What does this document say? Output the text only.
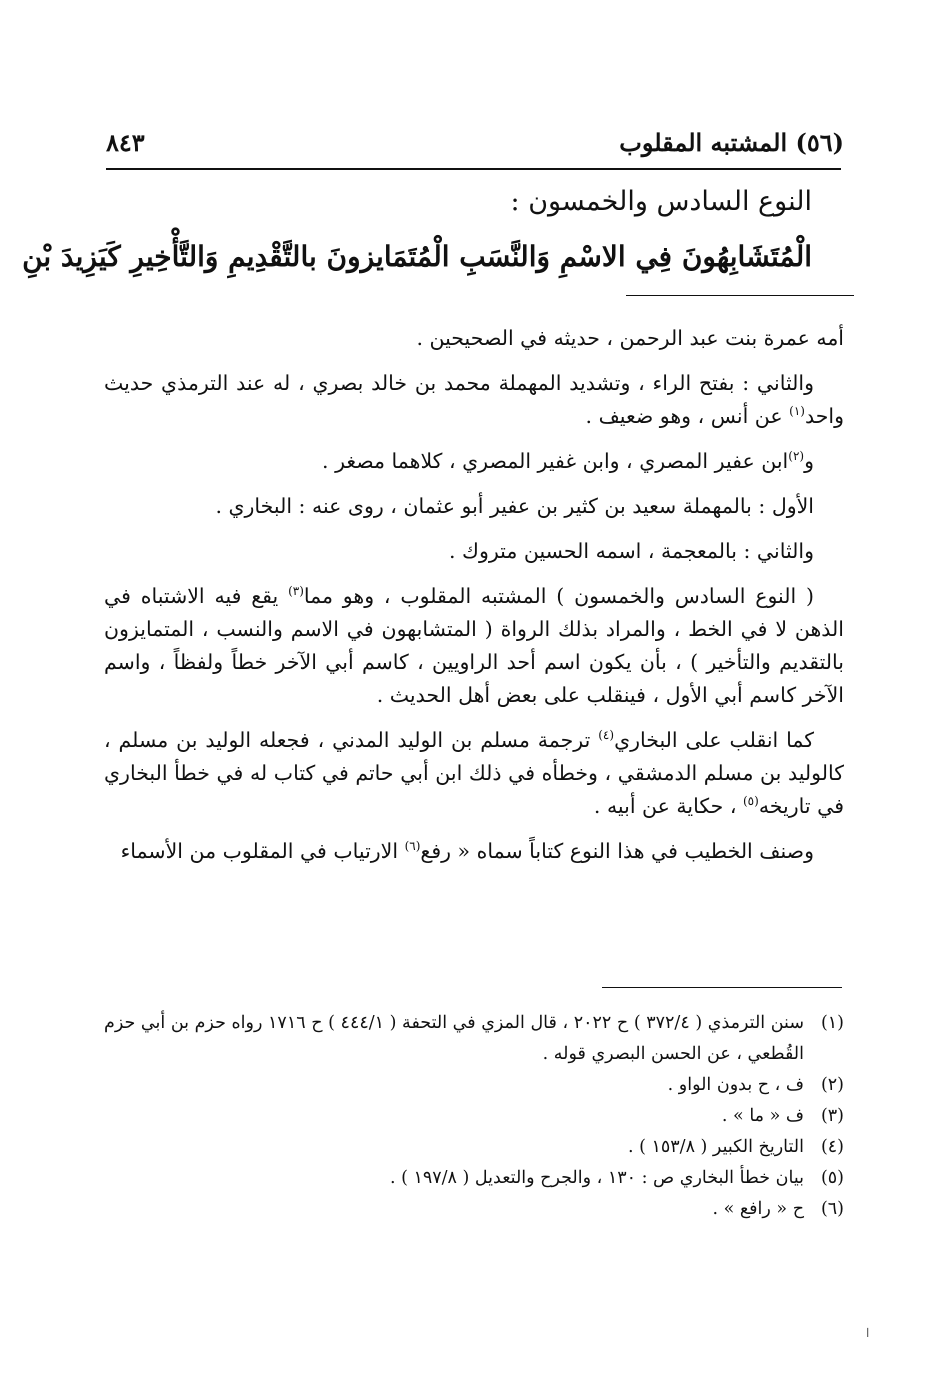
(٥٦) المشتبه المقلوب
٨٤٣
النوع السادس والخمسون :
الْمُتَشَابِهُونَ فِي الاسْمِ وَالنَّسَبِ الْمُتَمَايزونَ بالتَّقْدِيمِ وَالتَّأْخِيرِ كَيَزِيدَ بْنِ

أمه عمرة بنت عبد الرحمن ، حديثه في الصحيحين .

والثاني : بفتح الراء ، وتشديد المهملة محمد بن خالد بصري ، له عند الترمذي حديث واحد$^{(١)}$ عن أنس ، وهو ضعيف .

و$^{(٢)}$ابن عفير المصري ، وابن غفير المصري ، كلاهما مصغر .

الأول : بالمهملة سعيد بن كثير بن عفير أبو عثمان ، روى عنه : البخاري .

والثاني : بالمعجمة ، اسمه الحسين متروك .

( النوع السادس والخمسون ) المشتبه المقلوب ، وهو مما$^{(٣)}$ يقع فيه الاشتباه في الذهن لا في الخط ، والمراد بذلك الرواة ( المتشابهون في الاسم والنسب ، المتمايزون بالتقديم والتأخير ) ، بأن يكون اسم أحد الراويين ، كاسم أبي الآخر خطاً ولفظاً ، واسم الآخر كاسم أبي الأول ، فينقلب على بعض أهل الحديث .

كما انقلب على البخاري$^{(٤)}$ ترجمة مسلم بن الوليد المدني ، فجعله الوليد بن مسلم ، كالوليد بن مسلم الدمشقي ، وخطأه في ذلك ابن أبي حاتم في كتاب له في خطأ البخاري في تاريخه$^{(٥)}$ ، حكاية عن أبيه .

وصنف الخطيب في هذا النوع كتاباً سماه « رفع$^{(٦)}$ الارتياب في المقلوب من الأسماء

(١)
سنن الترمذي ( ٣٧٢/٤ ) ح ٢٠٢٢ ، قال المزي في التحفة ( ٤٤٤/١ ) ح ١٧١٦ رواه حزم بن أبي حزم القُطعي ، عن الحسن البصري قوله .
(٢)
ف ، ح بدون الواو .
(٣)
ف « ما » .
(٤)
التاريخ الكبير ( ١٥٣/٨ ) .
(٥)
بيان خطأ البخاري ص : ١٣٠ ، والجرح والتعديل ( ١٩٧/٨ ) .
(٦)
ح « رافع » .
ا
